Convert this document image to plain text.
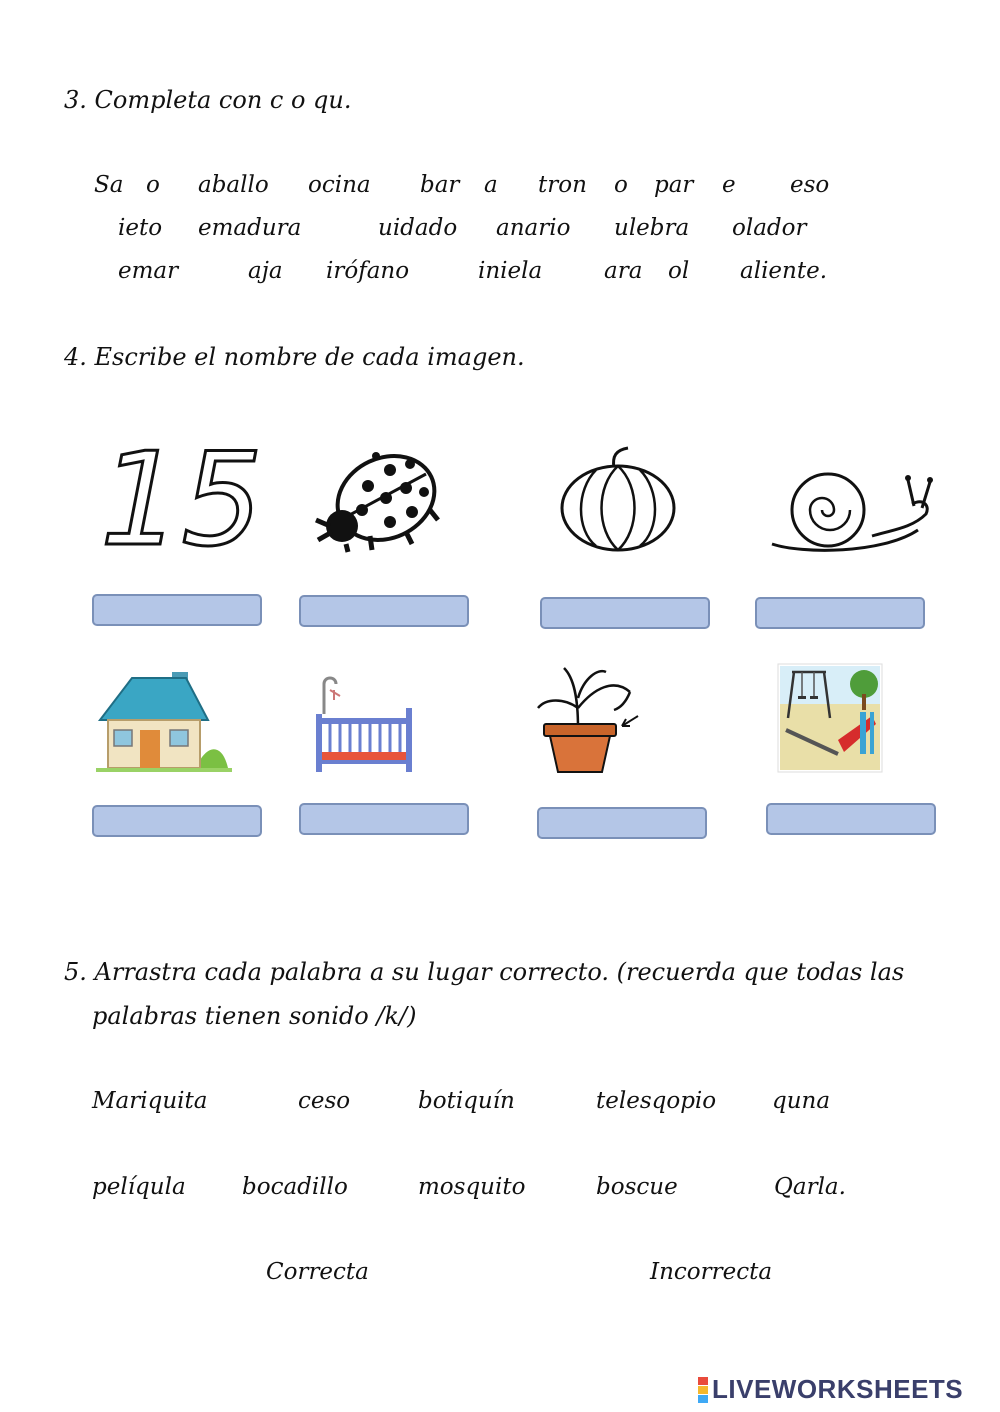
3. Completa con c o qu.
Sa o aballo ocina bar a tron o par e eso
ieto emadura	uidado anario ulebra olador
emar	aja irófano	iniela	ara ol aliente.
4. Escribe el nombre de cada imagen.
15
5. Arrastra cada palabra a su lugar correcto. (recuerda que todas las
palabras tienen sonido /k/)
Mariquita	ceso	botiquín	telesqopio quna
pelíqula bocadillo	mosquito	boscue	Qarla.
Correcta	Incorrecta
LIVEWORKSHEETS
